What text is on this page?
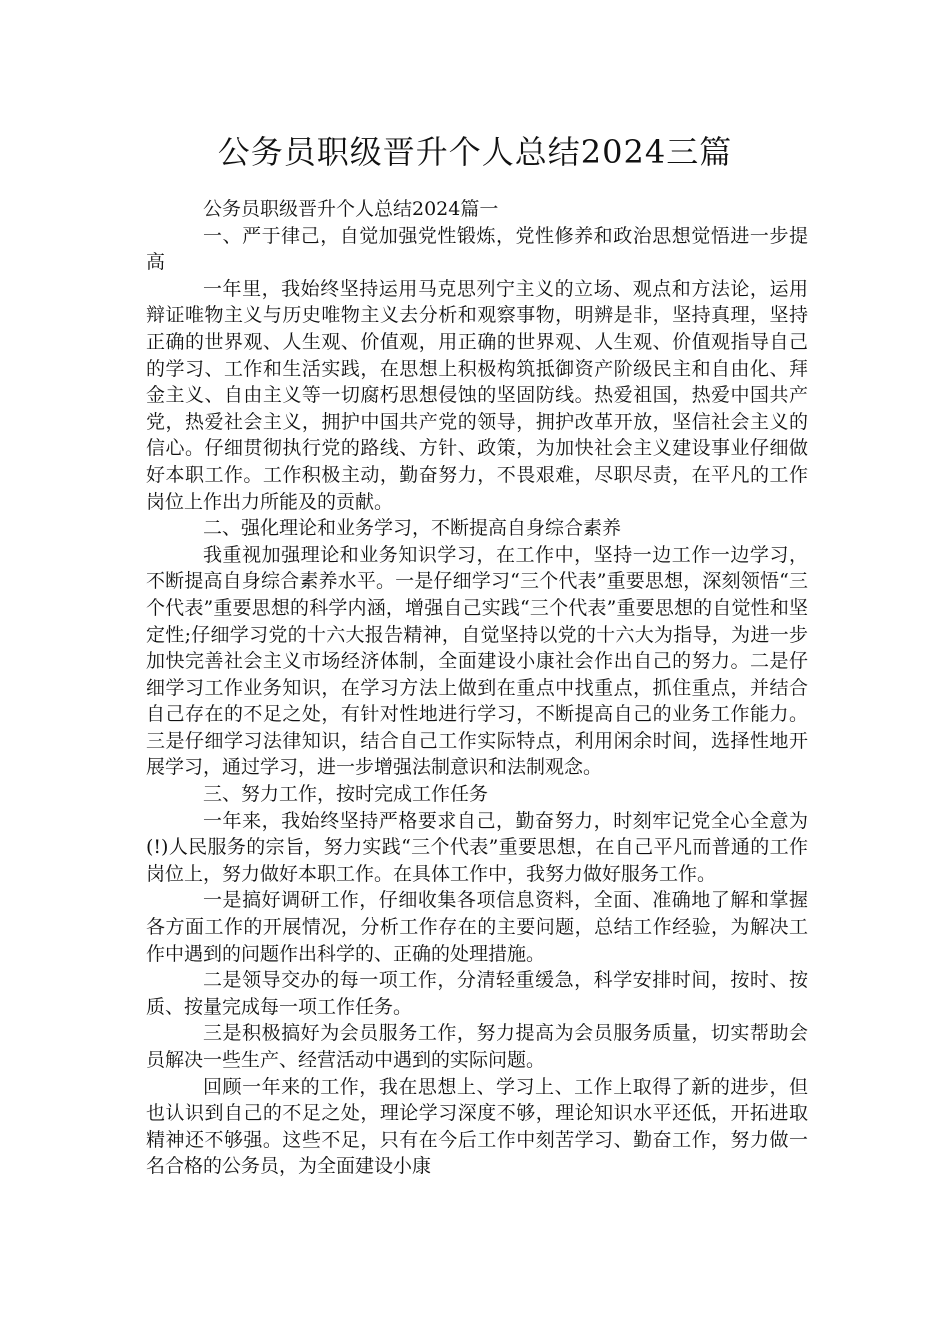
公务员职级晋升个人总结2024三篇

公务员职级晋升个人总结2024篇一

一、严于律己，自觉加强党性锻炼，党性修养和政治思想觉悟进一步提高

一年里，我始终坚持运用马克思列宁主义的立场、观点和方法论，运用辩证唯物主义与历史唯物主义去分析和观察事物，明辨是非，坚持真理，坚持正确的世界观、人生观、价值观，用正确的世界观、人生观、价值观指导自己的学习、工作和生活实践，在思想上积极构筑抵御资产阶级民主和自由化、拜金主义、自由主义等一切腐朽思想侵蚀的坚固防线。热爱祖国，热爱中国共产党，热爱社会主义，拥护中国共产党的领导，拥护改革开放，坚信社会主义的信心。仔细贯彻执行党的路线、方针、政策，为加快社会主义建设事业仔细做好本职工作。工作积极主动，勤奋努力，不畏艰难，尽职尽责，在平凡的工作岗位上作出力所能及的贡献。

二、强化理论和业务学习，不断提高自身综合素养

我重视加强理论和业务知识学习，在工作中，坚持一边工作一边学习，不断提高自身综合素养水平。一是仔细学习“三个代表”重要思想，深刻领悟“三个代表”重要思想的科学内涵，增强自己实践“三个代表”重要思想的自觉性和坚定性;仔细学习党的十六大报告精神，自觉坚持以党的十六大为指导，为进一步加快完善社会主义市场经济体制，全面建设小康社会作出自己的努力。二是仔细学习工作业务知识，在学习方法上做到在重点中找重点，抓住重点，并结合自己存在的不足之处，有针对性地进行学习，不断提高自己的业务工作能力。三是仔细学习法律知识，结合自己工作实际特点，利用闲余时间，选择性地开展学习，通过学习，进一步增强法制意识和法制观念。

三、努力工作，按时完成工作任务

一年来，我始终坚持严格要求自己，勤奋努力，时刻牢记党全心全意为(!)人民服务的宗旨，努力实践“三个代表”重要思想，在自己平凡而普通的工作岗位上，努力做好本职工作。在具体工作中，我努力做好服务工作。

一是搞好调研工作，仔细收集各项信息资料，全面、准确地了解和掌握各方面工作的开展情况，分析工作存在的主要问题，总结工作经验，为解决工作中遇到的问题作出科学的、正确的处理措施。

二是领导交办的每一项工作，分清轻重缓急，科学安排时间，按时、按质、按量完成每一项工作任务。

三是积极搞好为会员服务工作，努力提高为会员服务质量，切实帮助会员解决一些生产、经营活动中遇到的实际问题。

回顾一年来的工作，我在思想上、学习上、工作上取得了新的进步，但也认识到自己的不足之处，理论学习深度不够，理论知识水平还低，开拓进取精神还不够强。这些不足，只有在今后工作中刻苦学习、勤奋工作，努力做一名合格的公务员，为全面建设小康
